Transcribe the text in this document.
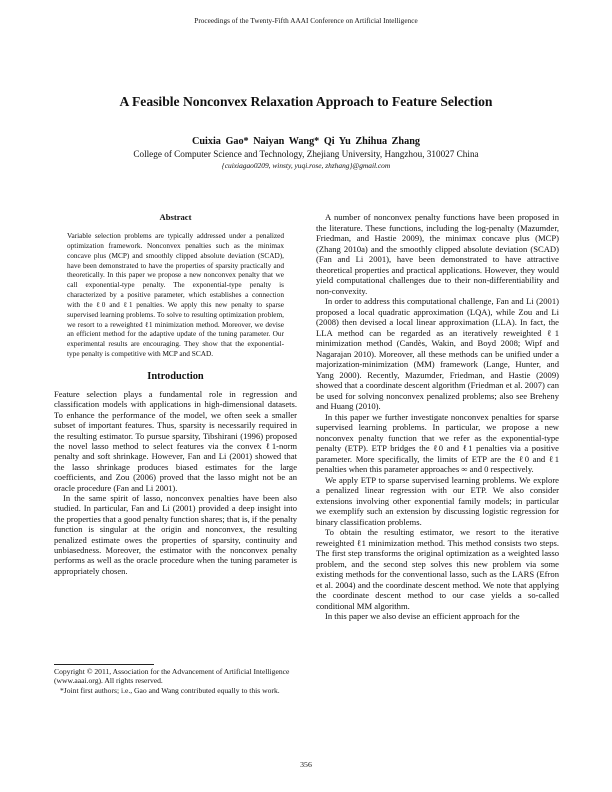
Proceedings of the Twenty-Fifth AAAI Conference on Artificial Intelligence
A Feasible Nonconvex Relaxation Approach to Feature Selection
Cuixia Gao* Naiyan Wang* Qi Yu Zhihua Zhang
College of Computer Science and Technology, Zhejiang University, Hangzhou, 310027 China
{cuixiagao0209, winsty, yuqi.rose, zhzhang}@gmail.com
Abstract

Variable selection problems are typically addressed under a penalized optimization framework. Nonconvex penalties such as the minimax concave plus (MCP) and smoothly clipped absolute deviation (SCAD), have been demonstrated to have the properties of sparsity practically and theoretically. In this paper we propose a new nonconvex penalty that we call exponential-type penalty. The exponential-type penalty is characterized by a positive parameter, which establishes a connection with the ℓ0 and ℓ1 penalties. We apply this new penalty to sparse supervised learning problems. To solve to resulting optimization problem, we resort to a reweighted ℓ1 minimization method. Moreover, we devise an efficient method for the adaptive update of the tuning parameter. Our experimental results are encouraging. They show that the exponential-type penalty is competitive with MCP and SCAD.

Introduction

Feature selection plays a fundamental role in regression and classification models with applications in high-dimensional datasets. To enhance the performance of the model, we often seek a smaller subset of important features. Thus, sparsity is necessarily required in the resulting estimator. To pursue sparsity, Tibshirani (1996) proposed the novel lasso method to select features via the convex ℓ1-norm penalty and soft shrinkage. However, Fan and Li (2001) showed that the lasso shrinkage produces biased estimates for the large coefficients, and Zou (2006) proved that the lasso might not be an oracle procedure (Fan and Li 2001).

In the same spirit of lasso, nonconvex penalties have been also studied. In particular, Fan and Li (2001) provided a deep insight into the properties that a good penalty function shares; that is, if the penalty function is singular at the origin and nonconvex, the resulting penalized estimate owes the properties of sparsity, continuity and unbiasedness. Moreover, the estimator with the nonconvex penalty performs as well as the oracle procedure when the tuning parameter is appropriately chosen.

Copyright © 2011, Association for the Advancement of Artificial Intelligence (www.aaai.org). All rights reserved.
*Joint first authors; i.e., Gao and Wang contributed equally to this work.

A number of nonconvex penalty functions have been proposed in the literature. These functions, including the log-penalty (Mazumder, Friedman, and Hastie 2009), the minimax concave plus (MCP) (Zhang 2010a) and the smoothly clipped absolute deviation (SCAD) (Fan and Li 2001), have been demonstrated to have attractive theoretical properties and practical applications. However, they would yield computational challenges due to their non-differentiability and non-convexity.

In order to address this computational challenge, Fan and Li (2001) proposed a local quadratic approximation (LQA), while Zou and Li (2008) then devised a local linear approximation (LLA). In fact, the LLA method can be regarded as an iteratively reweighted ℓ1 minimization method (Candès, Wakin, and Boyd 2008; Wipf and Nagarajan 2010). Moreover, all these methods can be unified under a majorization-minimization (MM) framework (Lange, Hunter, and Yang 2000). Recently, Mazumder, Friedman, and Hastie (2009) showed that a coordinate descent algorithm (Friedman et al. 2007) can be used for solving nonconvex penalized problems; also see Breheny and Huang (2010).

In this paper we further investigate nonconvex penalties for sparse supervised learning problems. In particular, we propose a new nonconvex penalty function that we refer as the exponential-type penalty (ETP). ETP bridges the ℓ0 and ℓ1 penalties via a positive parameter. More specifically, the limits of ETP are the ℓ0 and ℓ1 penalties when this parameter approaches ∞ and 0 respectively.

We apply ETP to sparse supervised learning problems. We explore a penalized linear regression with our ETP. We also consider extensions involving other exponential family models; in particular we exemplify such an extension by discussing logistic regression for binary classification problems.

To obtain the resulting estimator, we resort to the iterative reweighted ℓ1 minimization method. This method consists two steps. The first step transforms the original optimization as a weighted lasso problem, and the second step solves this new problem via some existing methods for the conventional lasso, such as the LARS (Efron et al. 2004) and the coordinate descent method. We note that applying the coordinate descent method to our case yields a so-called conditional MM algorithm.

In this paper we also devise an efficient approach for the

356
